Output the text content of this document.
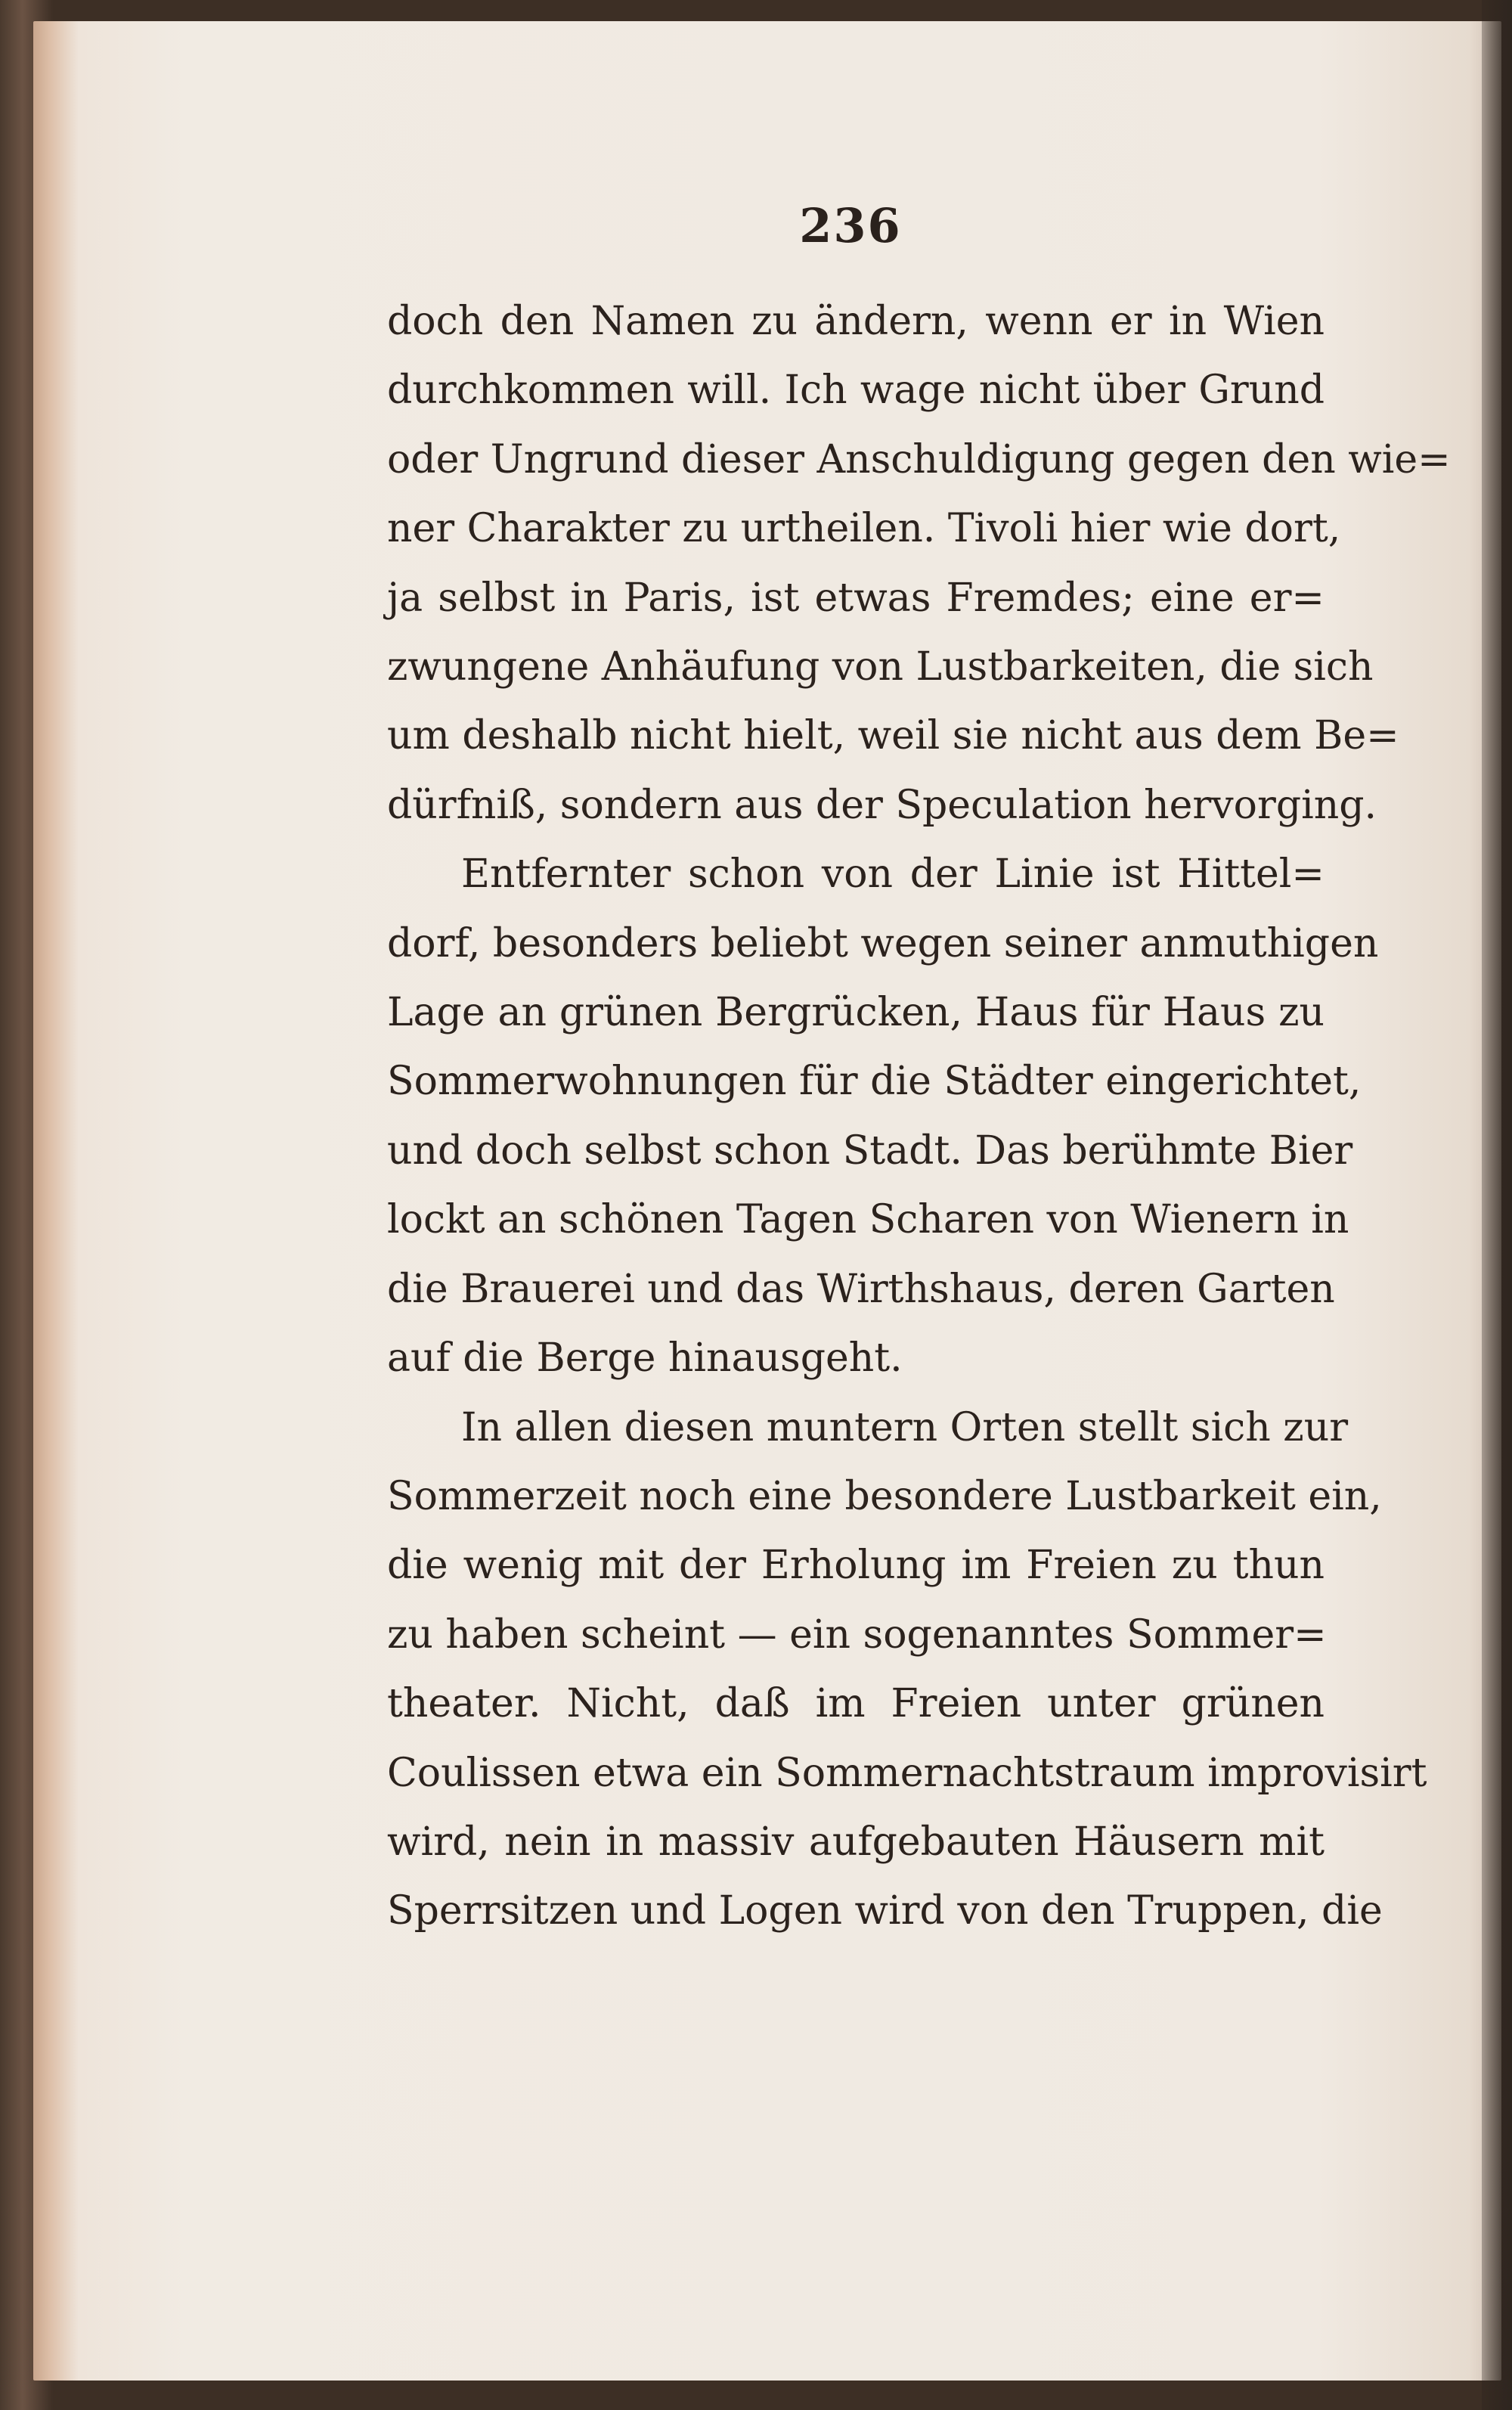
236
doch den Namen zu ändern, wenn er in Wien
durchkommen will. Ich wage nicht über Grund
oder Ungrund dieser Anschuldigung gegen den wie=
ner Charakter zu urtheilen. Tivoli hier wie dort,
ja selbst in Paris, ist etwas Fremdes; eine er=
zwungene Anhäufung von Lustbarkeiten, die sich
um deshalb nicht hielt, weil sie nicht aus dem Be=
dürfniß, sondern aus der Speculation hervorging.
Entfernter schon von der Linie ist Hittel=
dorf, besonders beliebt wegen seiner anmuthigen
Lage an grünen Bergrücken, Haus für Haus zu
Sommerwohnungen für die Städter eingerichtet,
und doch selbst schon Stadt. Das berühmte Bier
lockt an schönen Tagen Scharen von Wienern in
die Brauerei und das Wirthshaus, deren Garten
auf die Berge hinausgeht.
In allen diesen muntern Orten stellt sich zur
Sommerzeit noch eine besondere Lustbarkeit ein,
die wenig mit der Erholung im Freien zu thun
zu haben scheint — ein sogenanntes Sommer=
theater. Nicht, daß im Freien unter grünen
Coulissen etwa ein Sommernachtstraum improvisirt
wird, nein in massiv aufgebauten Häusern mit
Sperrsitzen und Logen wird von den Truppen, die
